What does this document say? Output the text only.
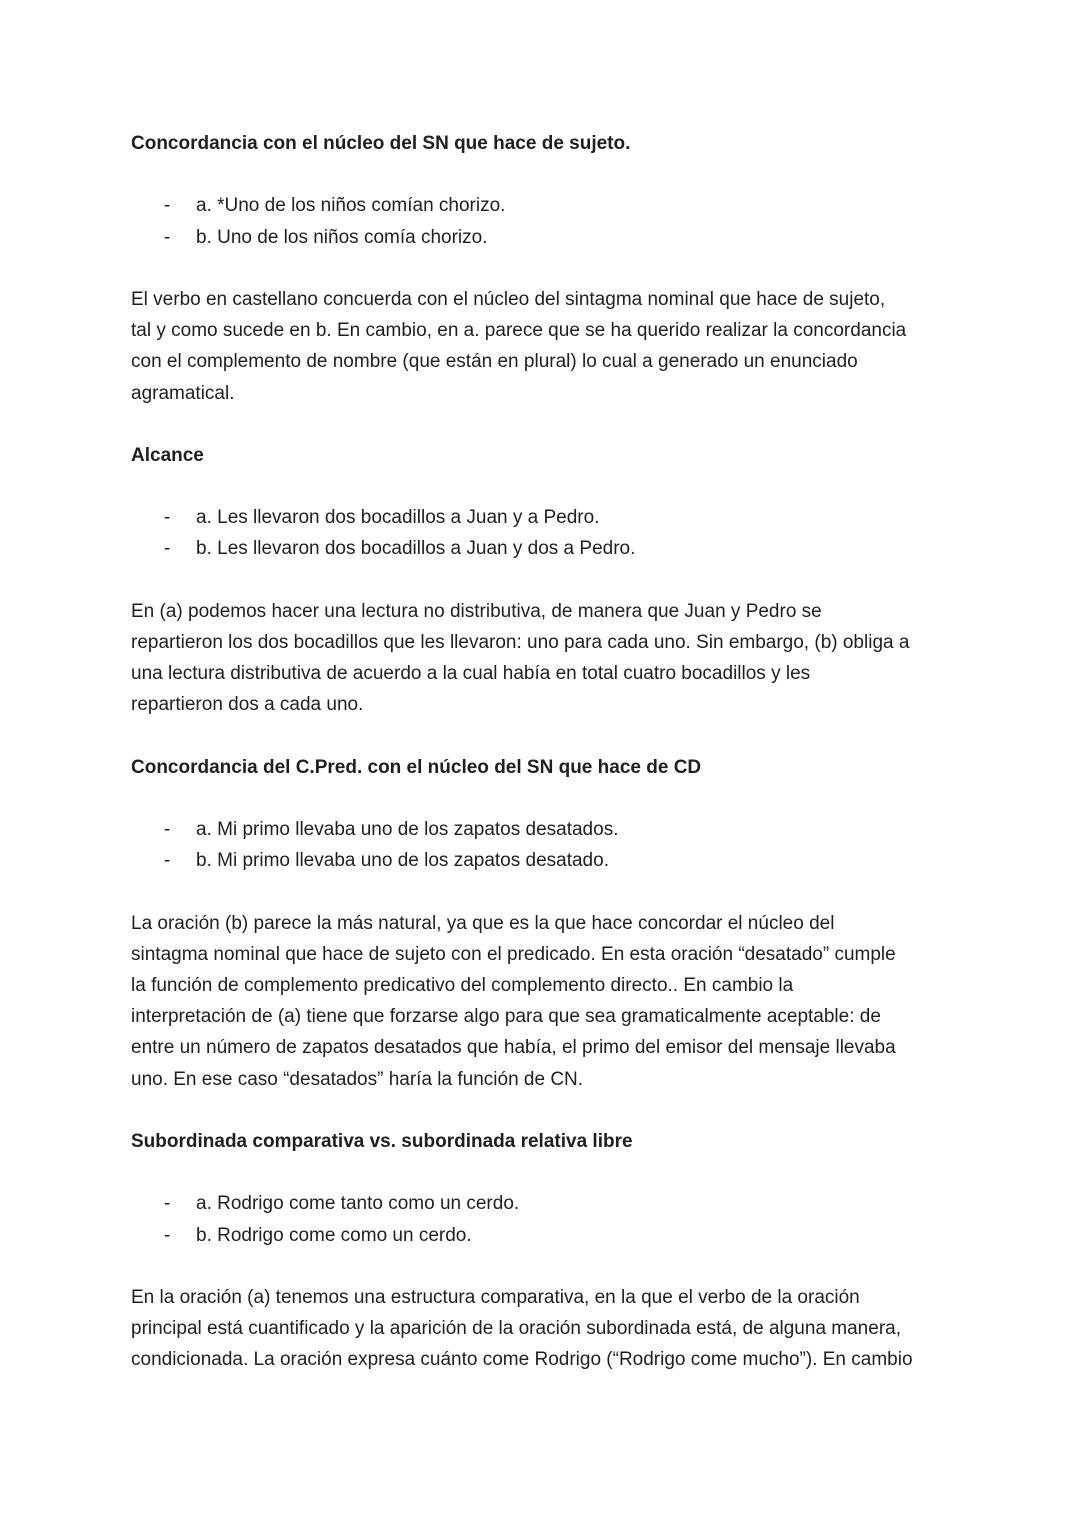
Concordancia con el núcleo del SN que hace de sujeto.
- a. *Uno de los niños comían chorizo.
- b. Uno de los niños comía chorizo.
El verbo en castellano concuerda con el núcleo del sintagma nominal que hace de sujeto,
tal y como sucede en b. En cambio, en a. parece que se ha querido realizar la concordancia
con el complemento de nombre (que están en plural) lo cual a generado un enunciado
agramatical.
Alcance
- a. Les llevaron dos bocadillos a Juan y a Pedro.
- b. Les llevaron dos bocadillos a Juan y dos a Pedro.
En (a) podemos hacer una lectura no distributiva, de manera que Juan y Pedro se
repartieron los dos bocadillos que les llevaron: uno para cada uno. Sin embargo, (b) obliga a
una lectura distributiva de acuerdo a la cual había en total cuatro bocadillos y les
repartieron dos a cada uno.
Concordancia del C.Pred. con el núcleo del SN que hace de CD
- a. Mi primo llevaba uno de los zapatos desatados.
- b. Mi primo llevaba uno de los zapatos desatado.
La oración (b) parece la más natural, ya que es la que hace concordar el núcleo del
sintagma nominal que hace de sujeto con el predicado. En esta oración “desatado” cumple
la función de complemento predicativo del complemento directo.. En cambio la
interpretación de (a) tiene que forzarse algo para que sea gramaticalmente aceptable: de
entre un número de zapatos desatados que había, el primo del emisor del mensaje llevaba
uno. En ese caso “desatados” haría la función de CN.
Subordinada comparativa vs. subordinada relativa libre
- a. Rodrigo come tanto como un cerdo.
- b. Rodrigo come como un cerdo.
En la oración (a) tenemos una estructura comparativa, en la que el verbo de la oración
principal está cuantificado y la aparición de la oración subordinada está, de alguna manera,
condicionada. La oración expresa cuánto come Rodrigo (“Rodrigo come mucho”). En cambio
